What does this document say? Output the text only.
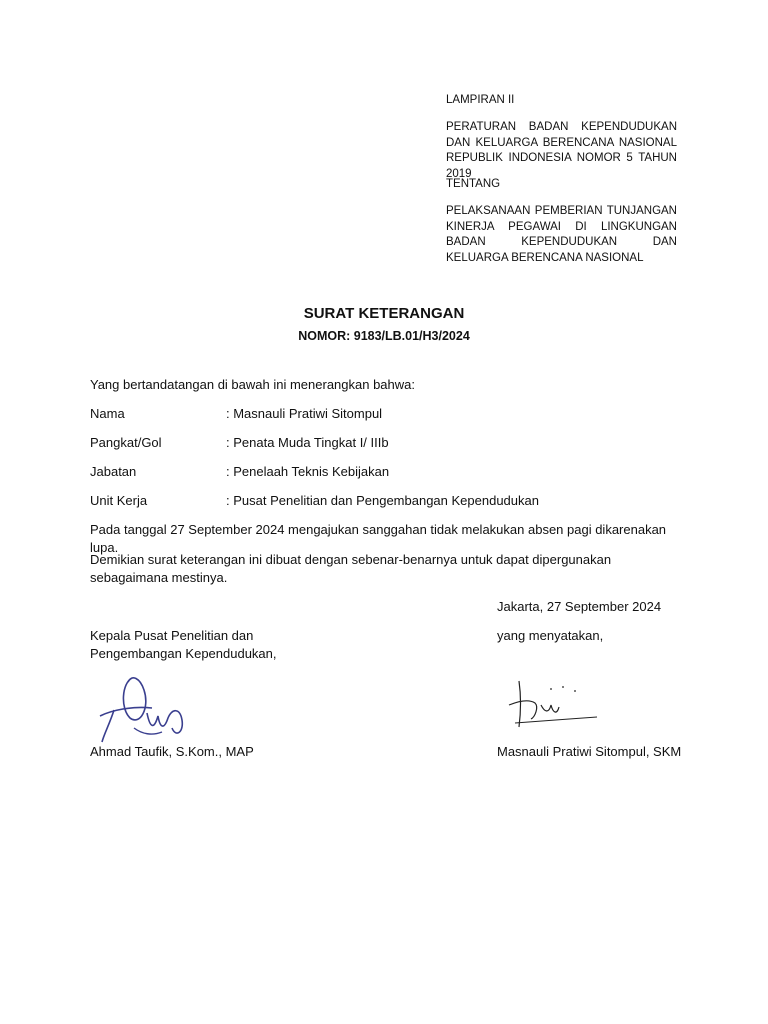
LAMPIRAN II
PERATURAN BADAN KEPENDUDUKAN DAN KELUARGA BERENCANA NASIONAL REPUBLIK INDONESIA NOMOR 5 TAHUN 2019
TENTANG
PELAKSANAAN PEMBERIAN TUNJANGAN KINERJA PEGAWAI DI LINGKUNGAN BADAN KEPENDUDUKAN DAN KELUARGA BERENCANA NASIONAL
SURAT KETERANGAN
NOMOR: 9183/LB.01/H3/2024
Yang bertandatangan di bawah ini menerangkan bahwa:
Nama	: Masnauli Pratiwi Sitompul
Pangkat/Gol	: Penata Muda Tingkat I/ IIIb
Jabatan	: Penelaah Teknis Kebijakan
Unit Kerja	: Pusat Penelitian dan Pengembangan Kependudukan
Pada tanggal 27 September 2024 mengajukan sanggahan tidak melakukan absen pagi dikarenakan lupa.
Demikian surat keterangan ini dibuat dengan sebenar-benarnya untuk dapat dipergunakan sebagaimana mestinya.
Jakarta, 27 September 2024
Kepala Pusat Penelitian dan
Pengembangan Kependudukan,
Ahmad Taufik, S.Kom., MAP
yang menyatakan,
Masnauli Pratiwi Sitompul, SKM
